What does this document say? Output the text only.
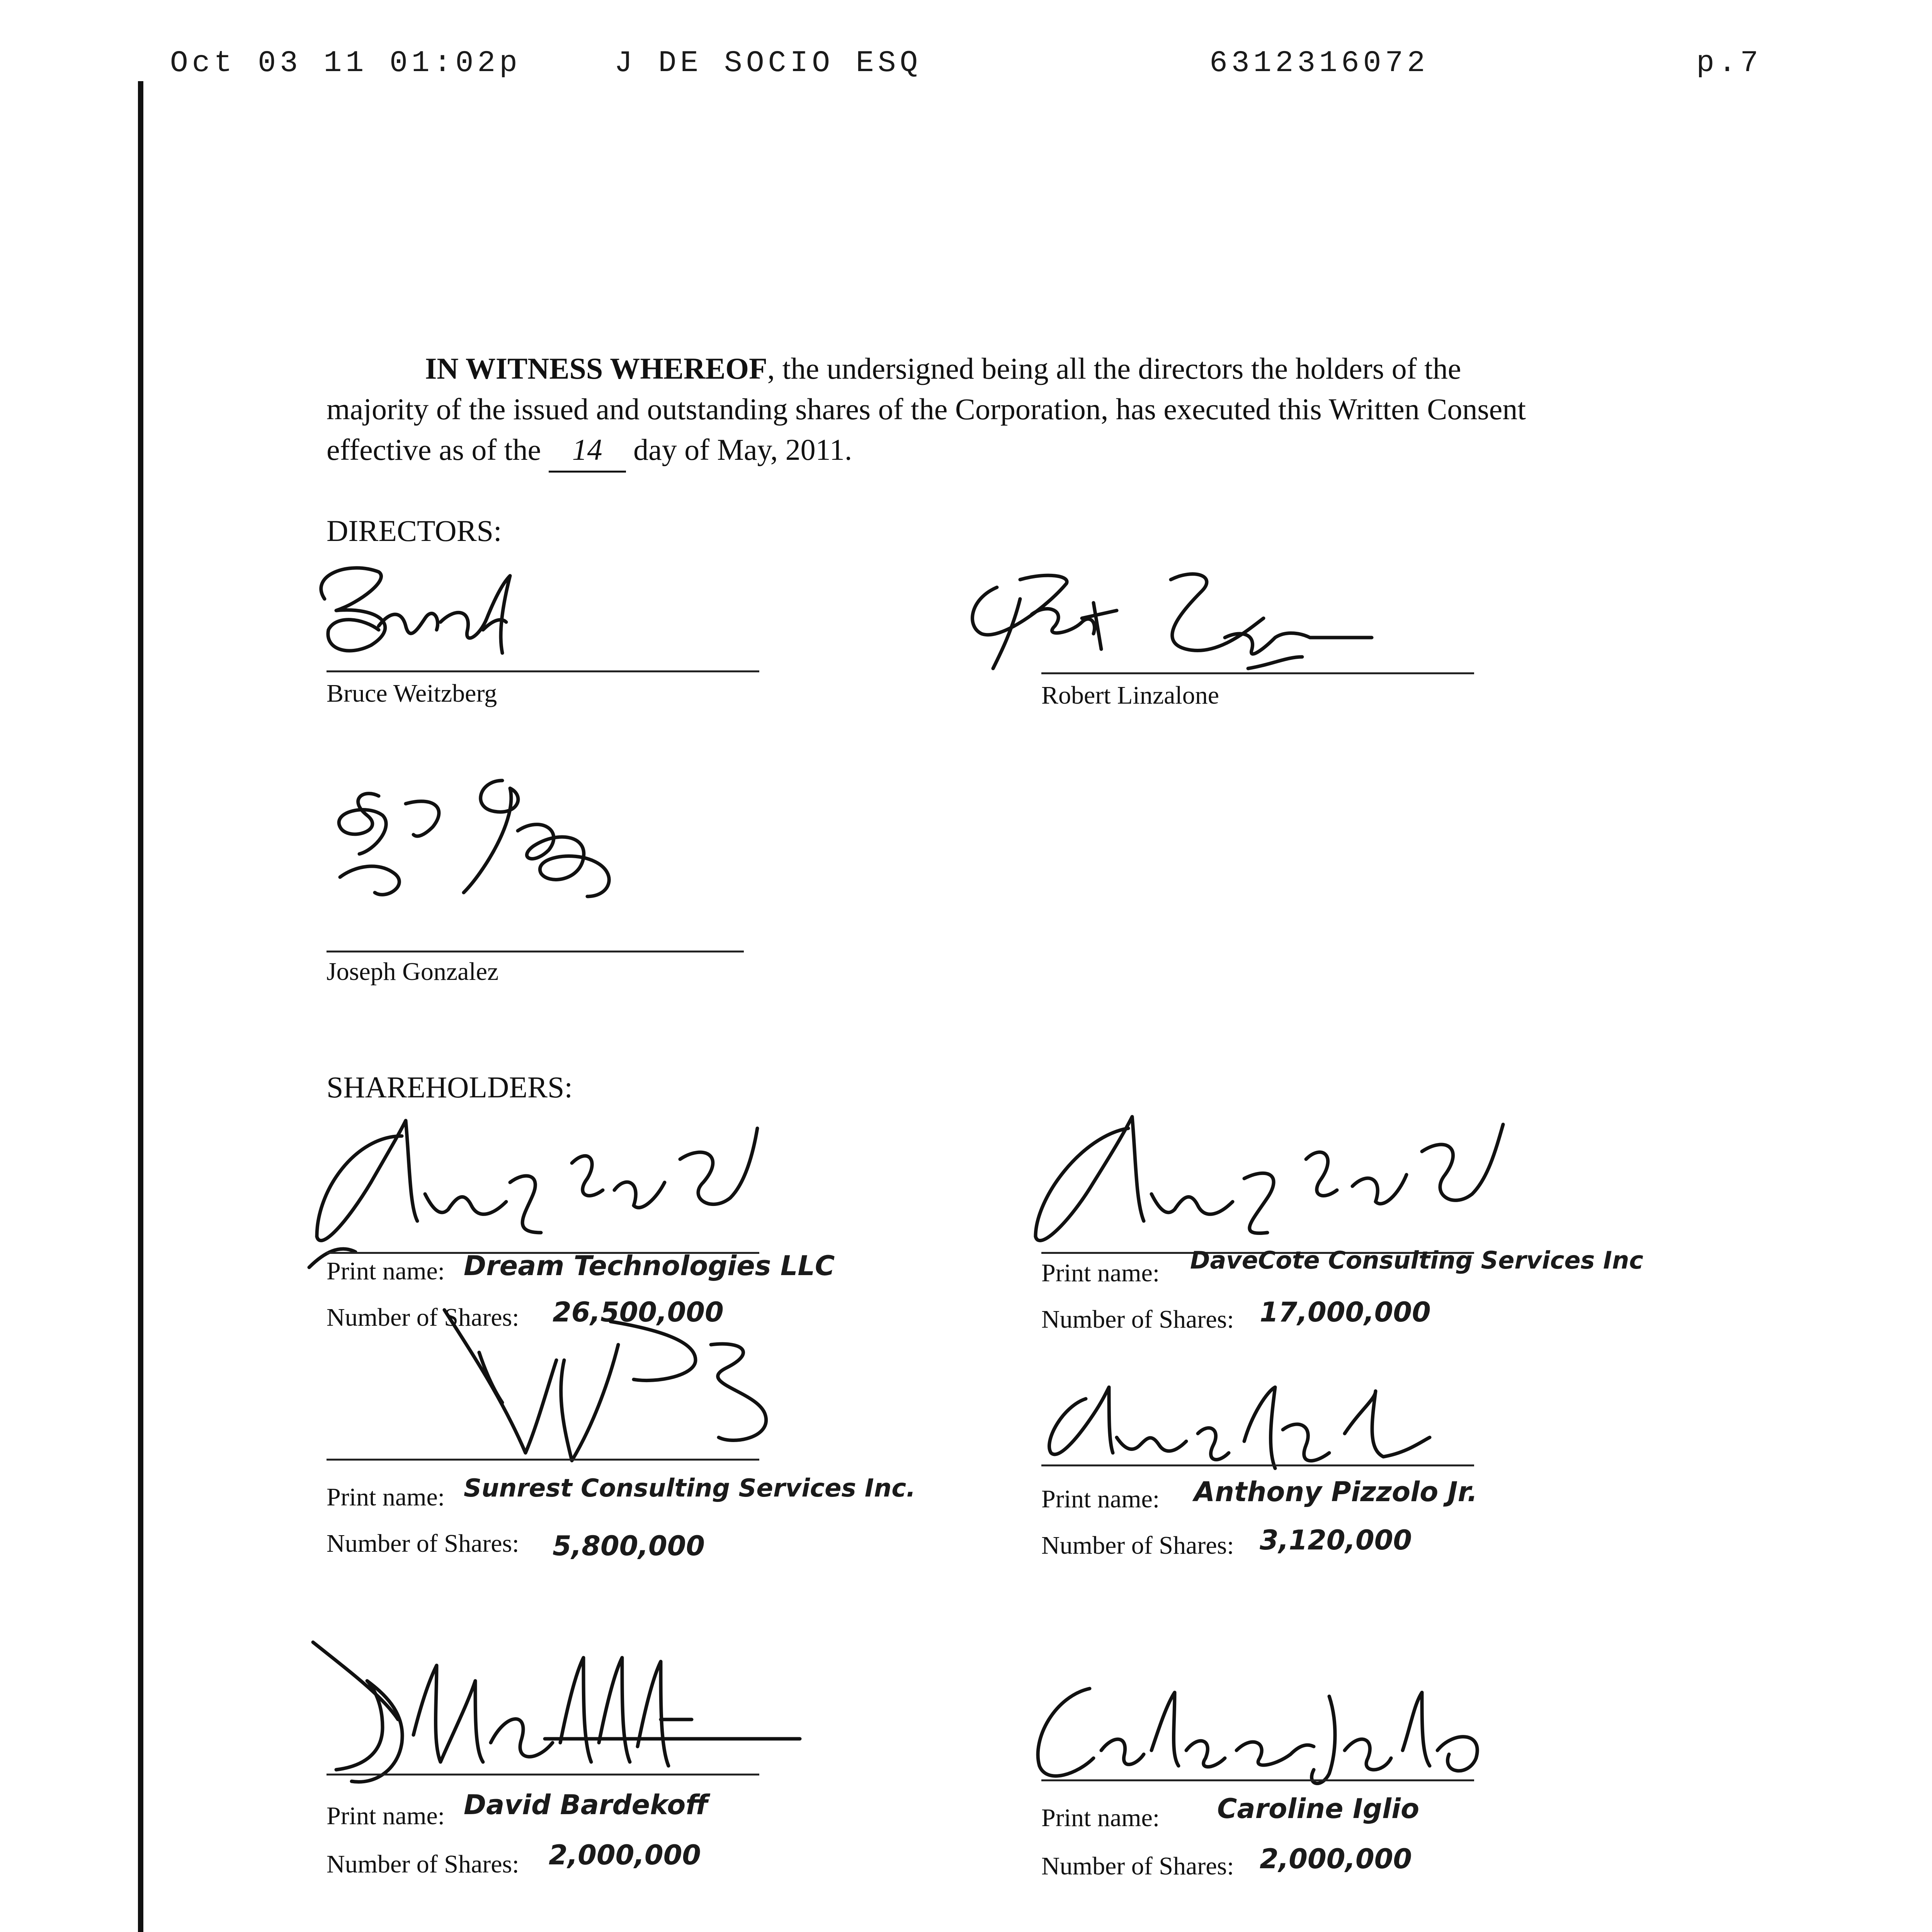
Oct 03 11 01:02p	J DE SOCIO ESQ	6312316072	p.7
IN WITNESS WHEREOF, the undersigned being all the directors the holders of the
majority of the issued and outstanding shares of the Corporation, has executed this Written Consent
effective as of the 14 day of May, 2011.
DIRECTORS:
Bruce Weitzberg	Robert Linzalone
Joseph Gonzalez
SHAREHOLDERS:
Print name: Dream Technologies LLC
Number of Shares: 26,500,000
Print name: DaveCote Consulting Services Inc
Number of Shares: 17,000,000
Print name: Sunrest Consulting Services Inc.
Number of Shares: 5,800,000
Print name: Anthony Pizzolo Jr.
Number of Shares: 3,120,000
Print name: David Bardekoff
Number of Shares: 2,000,000
Print name: Caroline Iglio
Number of Shares: 2,000,000
